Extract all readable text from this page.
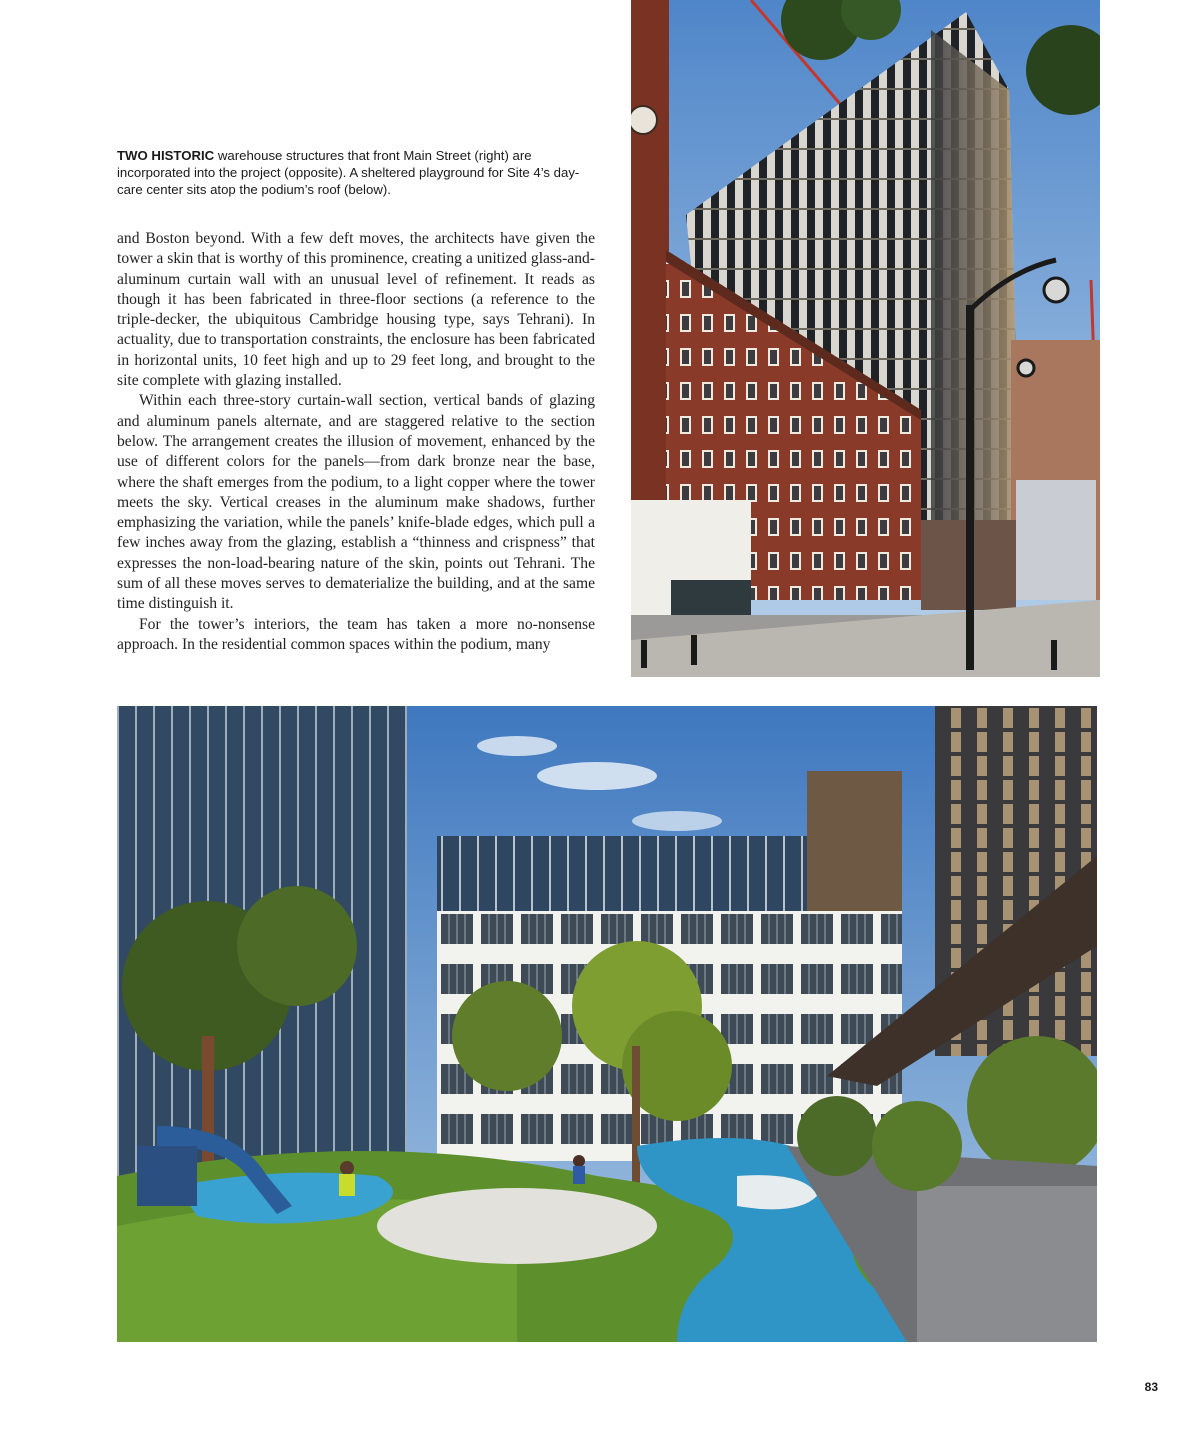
TWO HISTORIC warehouse structures that front Main Street (right) are incorporated into the project (opposite). A sheltered playground for Site 4’s day-care center sits atop the podium’s roof (below).

and Boston beyond. With a few deft moves, the architects have given the tower a skin that is worthy of this prominence, creating a unitized glass-and-aluminum curtain wall with an unusual level of refinement. It reads as though it has been fabricated in three-floor sections (a reference to the triple-decker, the ubiquitous Cambridge housing type, says Tehrani). In actuality, due to transportation constraints, the enclosure has been fabricated in horizontal units, 10 feet high and up to 29 feet long, and brought to the site complete with glazing installed.

Within each three-story curtain-wall section, vertical bands of glazing and aluminum panels alternate, and are staggered relative to the section below. The arrangement creates the illusion of movement, enhanced by the use of different colors for the panels—from dark bronze near the base, where the shaft emerges from the podium, to a light copper where the tower meets the sky. Vertical creases in the aluminum make shadows, further emphasizing the variation, while the panels’ knife-blade edges, which pull a few inches away from the glazing, establish a “thinness and crispness” that expresses the non-load-bearing nature of the skin, points out Tehrani. The sum of all these moves serves to dematerialize the building, and at the same time distinguish it.

For the tower’s interiors, the team has taken a more no-nonsense approach. In the residential common spaces within the podium, many

83
